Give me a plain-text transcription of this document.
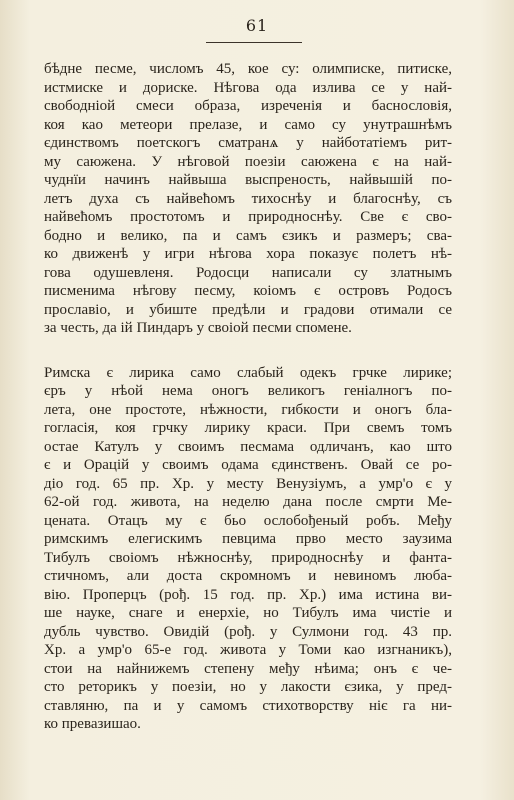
61
бѣдне песме, числомъ 45, кое су: олимписке, питиске,
истмиске и дориске. Нѣгова ода излива се у най-
свободніой смеси образа, изреченія и баснословія,
коя као метеори прелазе, и само су унутрашнѣмъ
єдинствомъ поетскогъ сматранѧ у найботатіемъ рит-
му саюжена. У нѣговой поезіи саюжена є на най-
чуднїи начинъ найвыша выспреность, найвышій по-
летъ духа съ найвећомъ тихоснѣу и благоснѣу, съ
найвећомъ простотомъ и природноснѣу. Све є сво-
бодно и велико, па и самъ єзикъ и размеръ; сва-
ко движенѣ у игри нѣгова хора показує полетъ нѣ-
гова одушевленя. Родосци написали су златнымъ
писменима нѣгову песму, коіомъ є островъ Родосъ
прославіо, и убиште предѣли и градови отимали се
за честь, да ій Пиндаръ у своіой песми спомене.
Римска є лирика само слабый одекъ грчке лирике;
єръ у нѣой нема оногъ великогъ геніалногъ по-
лета, оне простоте, нѣжности, гибкости и оногъ бла-
гогласія, коя грчку лирику краси. При свемъ томъ
остае Катулъ у своимъ песмама одличанъ, као што
є и Орацій у своимъ одама єдинственъ. Овай се ро-
діо год. 65 пр. Хр. у месту Венузіумъ, а умр'о є у
62-ой год. живота, на неделю дана после смрти Ме-
цената. Отацъ му є бьо ослобођеный робъ. Међу
римскимъ елегискимъ певцима прво место заузима
Тибулъ своіомъ нѣжноснѣу, природноснѣу и фанта-
стичномъ, али доста скромномъ и невиномъ люба-
вію. Проперцъ (рођ. 15 год. пр. Хр.) има истина ви-
ше науке, снаге и енерхіе, но Тибулъ има чистіе и
дубль чувство. Овидій (рођ. у Сулмони год. 43 пр.
Хр. а умр'о 65-е год. живота у Томи као изгнаникъ),
стои на найнижемъ степену међу нѣима; онъ є че-
сто реторикъ у поезіи, но у лакости єзика, у пред-
ставляню, па и у самомъ стихотворству ніє га ни-
ко превазишао.
